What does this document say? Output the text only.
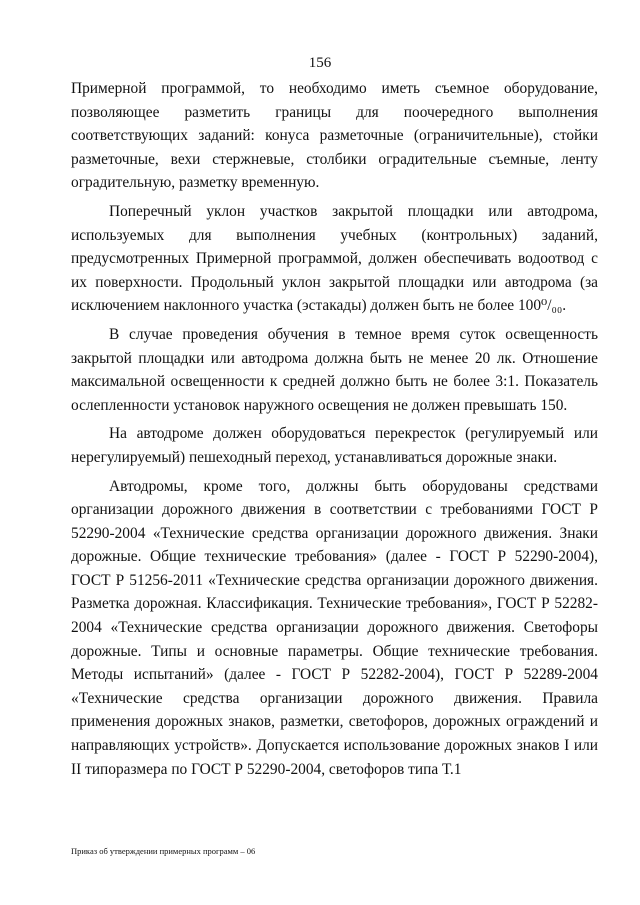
156

Примерной программой, то необходимо иметь съемное оборудование, позволяющее разметить границы для поочередного выполнения соответствующих заданий: конуса разметочные (ограничительные), стойки разметочные, вехи стержневые, столбики оградительные съемные, ленту оградительную, разметку временную.

Поперечный уклон участков закрытой площадки или автодрома, используемых для выполнения учебных (контрольных) заданий, предусмотренных Примерной программой, должен обеспечивать водоотвод с их поверхности. Продольный уклон закрытой площадки или автодрома (за исключением наклонного участка (эстакады) должен быть не более 100⁰/₀₀.

В случае проведения обучения в темное время суток освещенность закрытой площадки или автодрома должна быть не менее 20 лк. Отношение максимальной освещенности к средней должно быть не более 3:1. Показатель ослепленности установок наружного освещения не должен превышать 150.

На автодроме должен оборудоваться перекресток (регулируемый или нерегулируемый) пешеходный переход, устанавливаться дорожные знаки.

Автодромы, кроме того, должны быть оборудованы средствами организации дорожного движения в соответствии с требованиями ГОСТ Р 52290-2004 «Технические средства организации дорожного движения. Знаки дорожные. Общие технические требования» (далее - ГОСТ Р 52290-2004), ГОСТ Р 51256-2011 «Технические средства организации дорожного движения. Разметка дорожная. Классификация. Технические требования», ГОСТ Р 52282-2004 «Технические средства организации дорожного движения. Светофоры дорожные. Типы и основные параметры. Общие технические требования. Методы испытаний» (далее - ГОСТ Р 52282-2004), ГОСТ Р 52289-2004 «Технические средства организации дорожного движения. Правила применения дорожных знаков, разметки, светофоров, дорожных ограждений и направляющих устройств». Допускается использование дорожных знаков I или II типоразмера по ГОСТ Р 52290-2004, светофоров типа Т.1

Приказ об утверждении примерных программ – 06
